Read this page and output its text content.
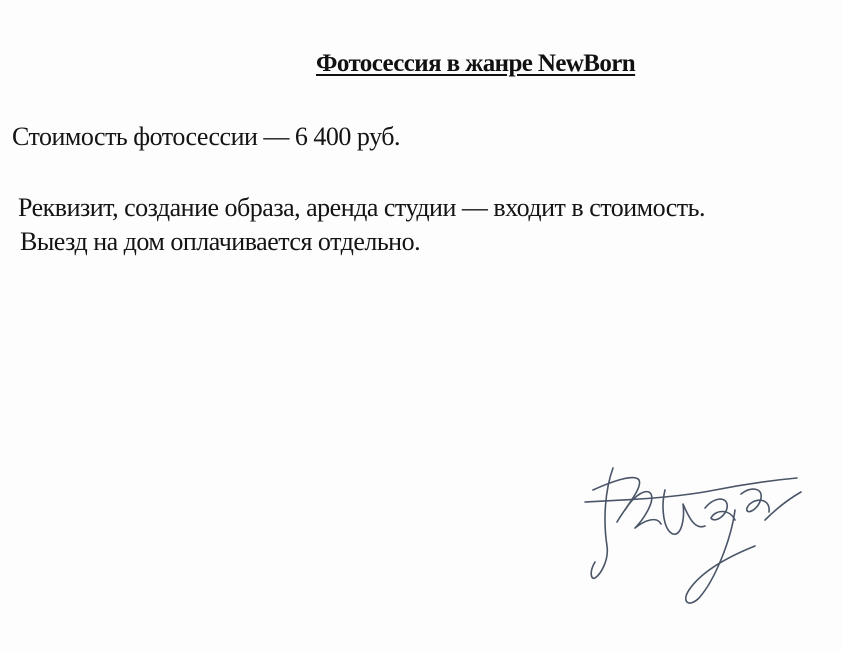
Фотосессия в жанре NewBorn
Стоимость фотосессии — 6 400 руб.
Реквизит, создание образа, аренда студии — входит в стоимость.
Выезд на дом оплачивается отдельно.
